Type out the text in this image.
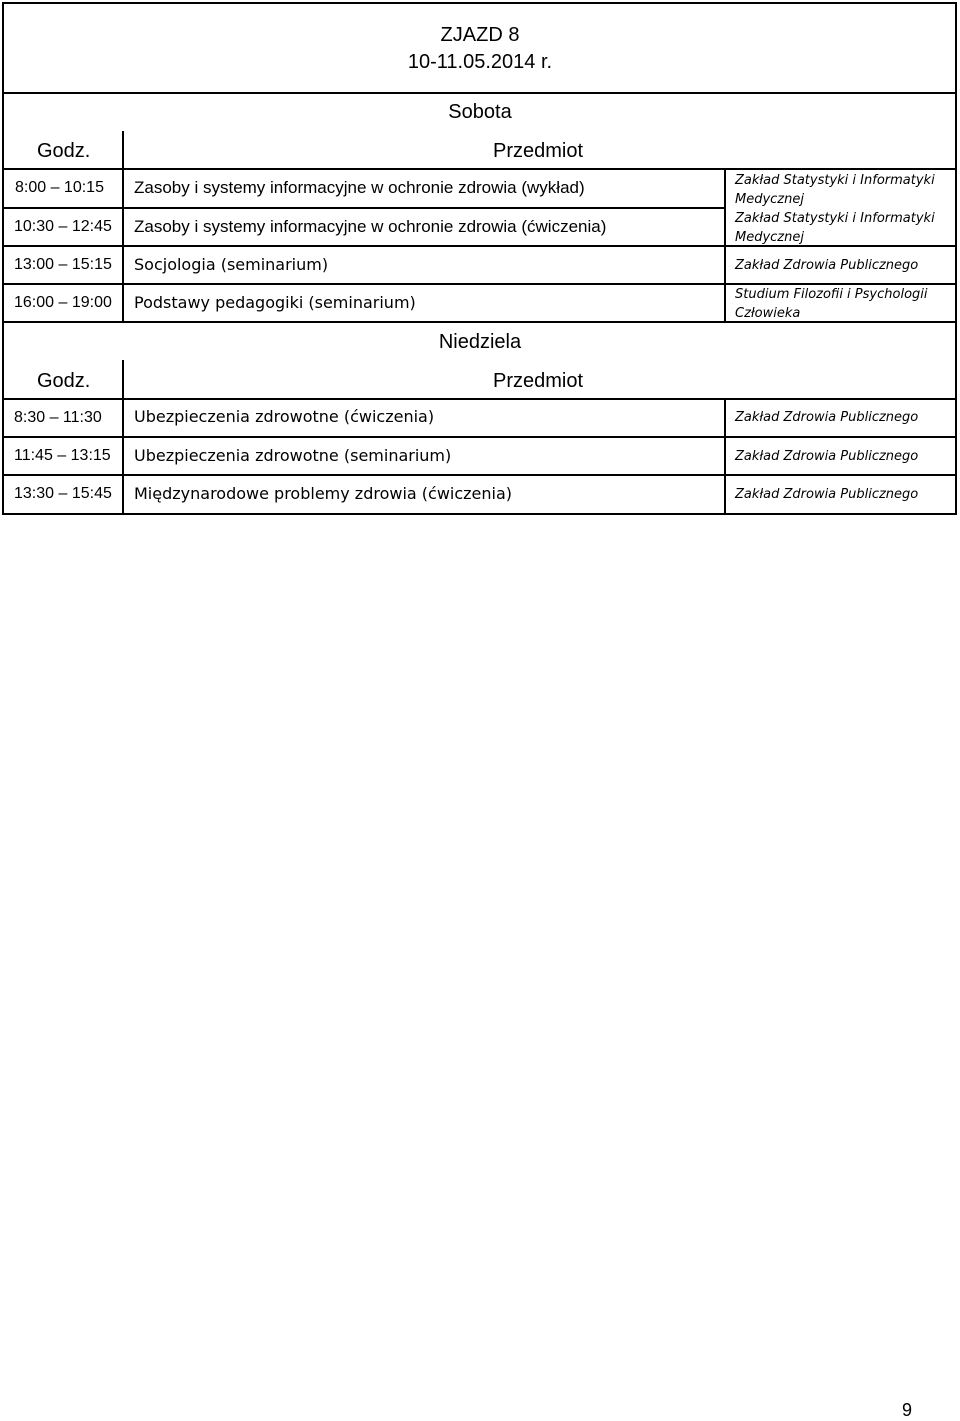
ZJAZD 8
10-11.05.2014 r.
Sobota
Godz.	Przedmiot
8:00 – 10:15 Zasoby i systemy informacyjne w ochronie zdrowia (wykład)	Zakład Statystyki i Informatyki Medycznej
10:30 – 12:45 Zasoby i systemy informacyjne w ochronie zdrowia (ćwiczenia)	Zakład Statystyki i Informatyki Medycznej
13:00 – 15:15 Socjologia (seminarium)	Zakład Zdrowia Publicznego
16:00 – 19:00 Podstawy pedagogiki (seminarium)	Studium Filozofii i Psychologii Człowieka
Niedziela
Godz.	Przedmiot
8:30 – 11:30 Ubezpieczenia zdrowotne (ćwiczenia)	Zakład Zdrowia Publicznego
11:45 – 13:15 Ubezpieczenia zdrowotne (seminarium)	Zakład Zdrowia Publicznego
13:30 – 15:45 Międzynarodowe problemy zdrowia (ćwiczenia)	Zakład Zdrowia Publicznego
9
